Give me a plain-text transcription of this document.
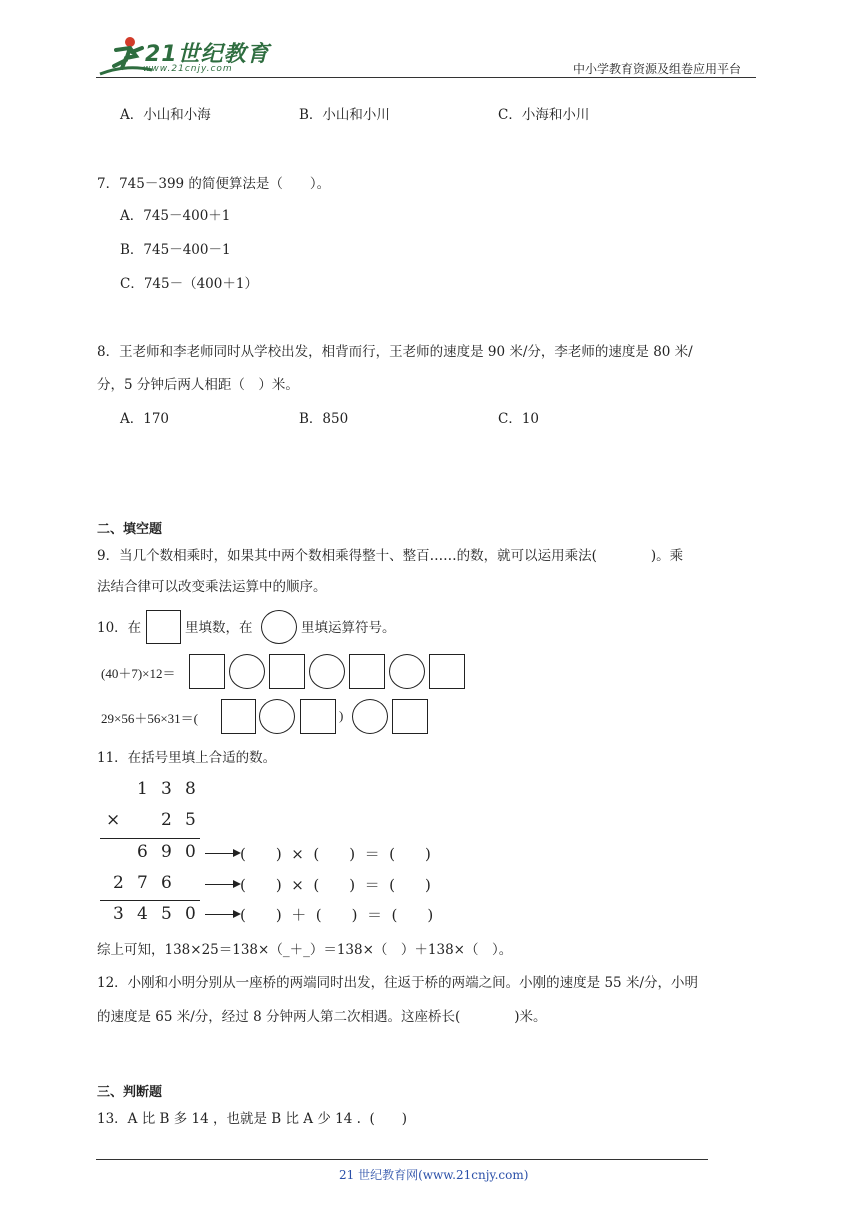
21世纪教育
www.21cnjy.com	中小学教育资源及组卷应用平台
A．小山和小海	B．小山和小川	C．小海和小川
7．745－399 的简便算法是（　　）。
A．745－400＋1
B．745－400－1
C．745－（400＋1）
8．王老师和李老师同时从学校出发，相背而行，王老师的速度是 90 米/分，李老师的速度是 80 米/
分，5 分钟后两人相距（　）米。
A．170	B．850	C．10
二、填空题
9．当几个数相乘时，如果其中两个数相乘得整十、整百……的数，就可以运用乘法(　　　　)。乘
法结合律可以改变乘法运算中的顺序。
10．在	里填数，在	里填运算符号。
(40＋7)×12＝
29×56＋56×31＝(	)
11．在括号里填上合适的数。
1 3 8
× 2 5
6 9 0
2 7 6
3 4 5 0
(　　)  ×  (　　)  ＝  (　　)
(　　)  ×  (　　)  ＝  (　　)
(　　)  ＋  (　　)  ＝  (　　)
综上可知，138×25＝138×（_＋_）＝138×（　）＋138×（　）。
12．小刚和小明分别从一座桥的两端同时出发，往返于桥的两端之间。小刚的速度是 55 米/分，小明
的速度是 65 米/分，经过 8 分钟两人第二次相遇。这座桥长(　　　　)米。
三、判断题
13．A 比 B 多 14 ，也就是 B 比 A 少 14 .  (　　)
21 世纪教育网(www.21cnjy.com)
